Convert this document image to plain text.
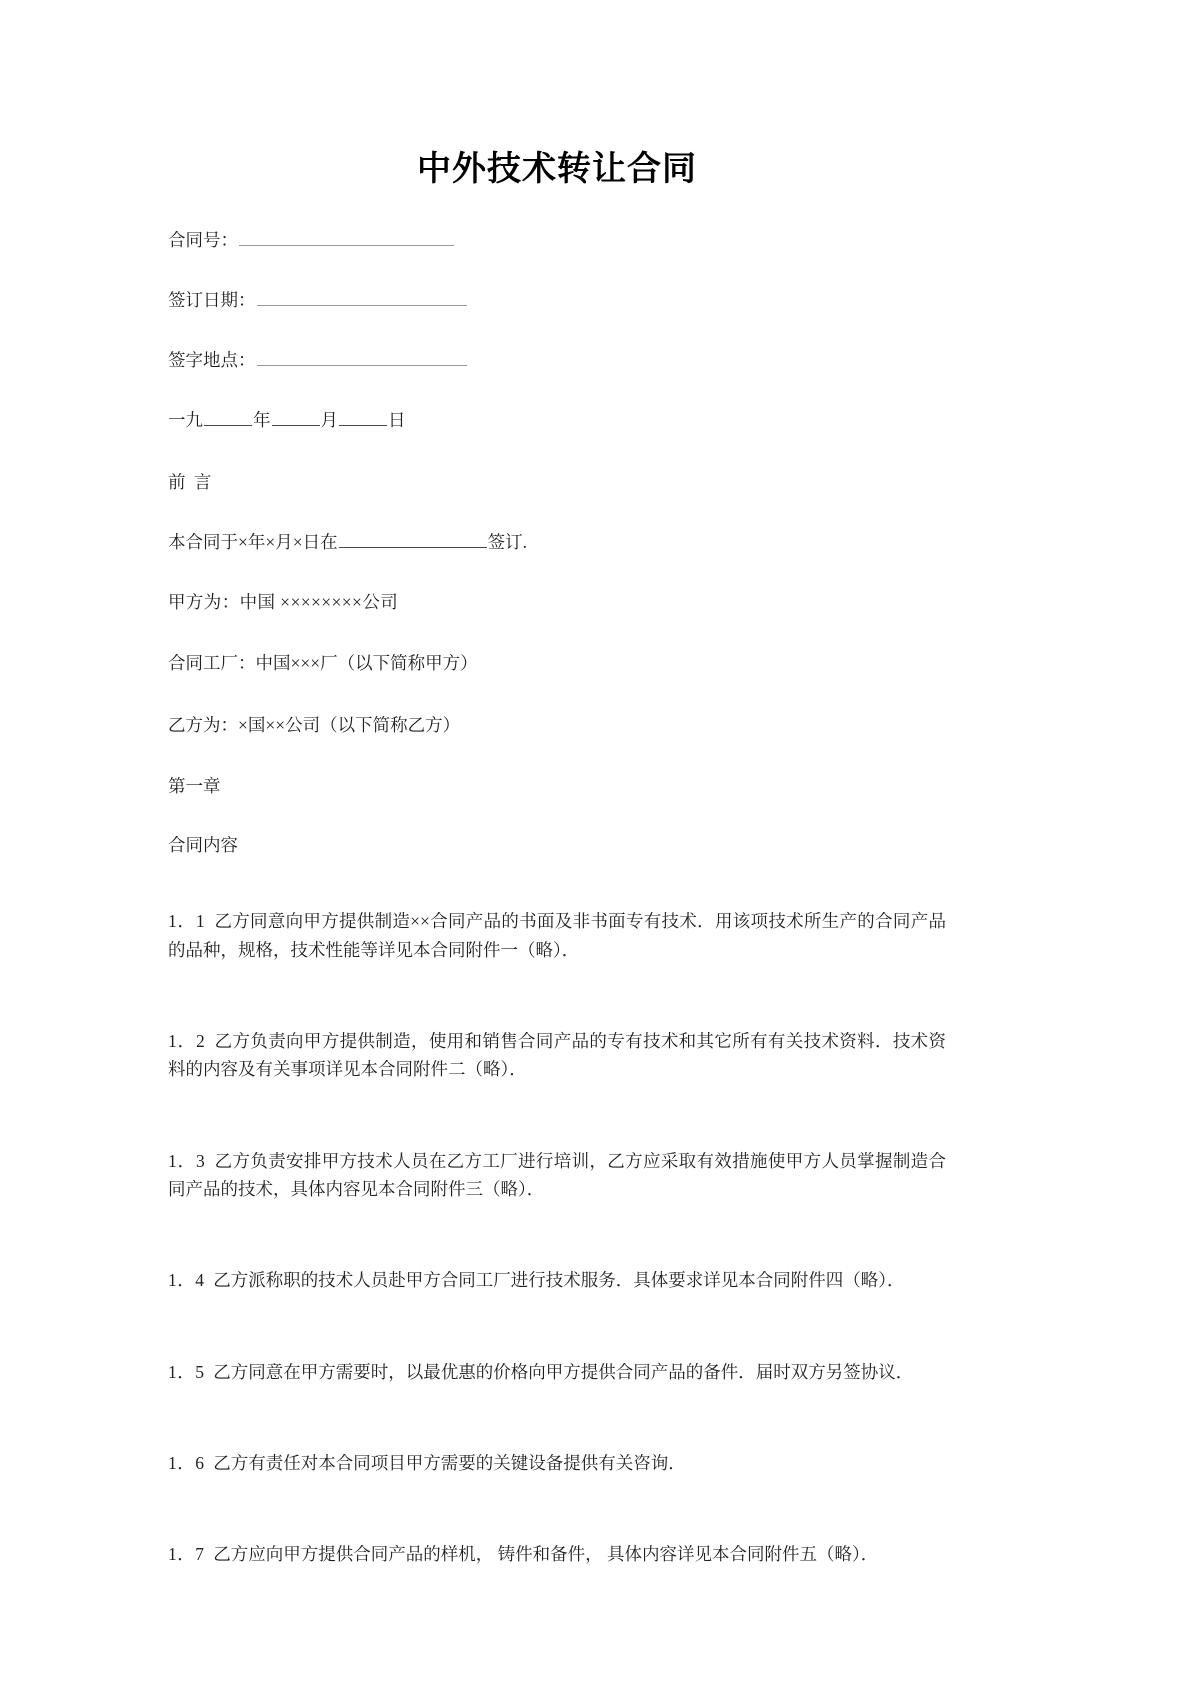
中外技术转让合同
合同号：
签订日期：
签字地点：
一九	年	月	日

前 言

本合同于×年×月×日在	签订.

甲方为：中国 ××××××××公司

合同工厂：中国×××厂（以下简称甲方）

乙方为：×国××公司（以下简称乙方）

第一章

合同内容

1．1 乙方同意向甲方提供制造××合同产品的书面及非书面专有技术．用该项技术所生产的合同产品的品种，规格，技术性能等详见本合同附件一（略）．

1．2 乙方负责向甲方提供制造，使用和销售合同产品的专有技术和其它所有有关技术资料．技术资料的内容及有关事项详见本合同附件二（略）．

1．3 乙方负责安排甲方技术人员在乙方工厂进行培训，乙方应采取有效措施使甲方人员掌握制造合同产品的技术，具体内容见本合同附件三（略）．

1．4 乙方派称职的技术人员赴甲方合同工厂进行技术服务．具体要求详见本合同附件四（略）．

1．5 乙方同意在甲方需要时，以最优惠的价格向甲方提供合同产品的备件．届时双方另签协议．

1．6 乙方有责任对本合同项目甲方需要的关键设备提供有关咨询．

1．7 乙方应向甲方提供合同产品的样机， 铸件和备件， 具体内容详见本合同附件五（略）．
